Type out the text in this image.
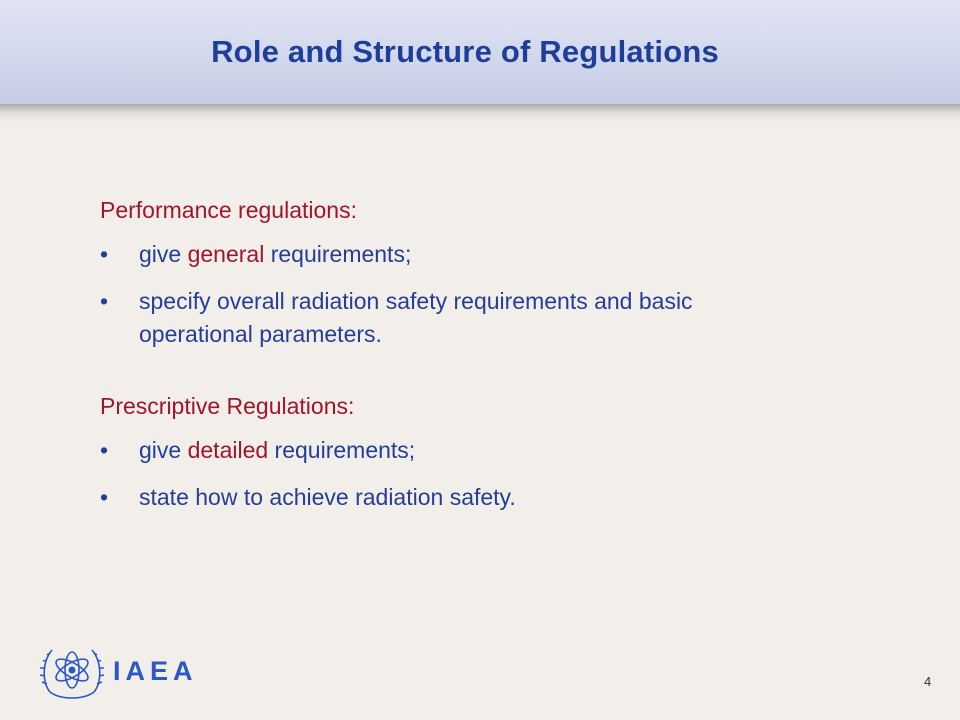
Role and Structure of Regulations
Performance regulations:
• give general requirements;
• specify overall radiation safety requirements and basic operational parameters.
Prescriptive Regulations:
• give detailed requirements;
• state how to achieve radiation safety.
IAEA	4
